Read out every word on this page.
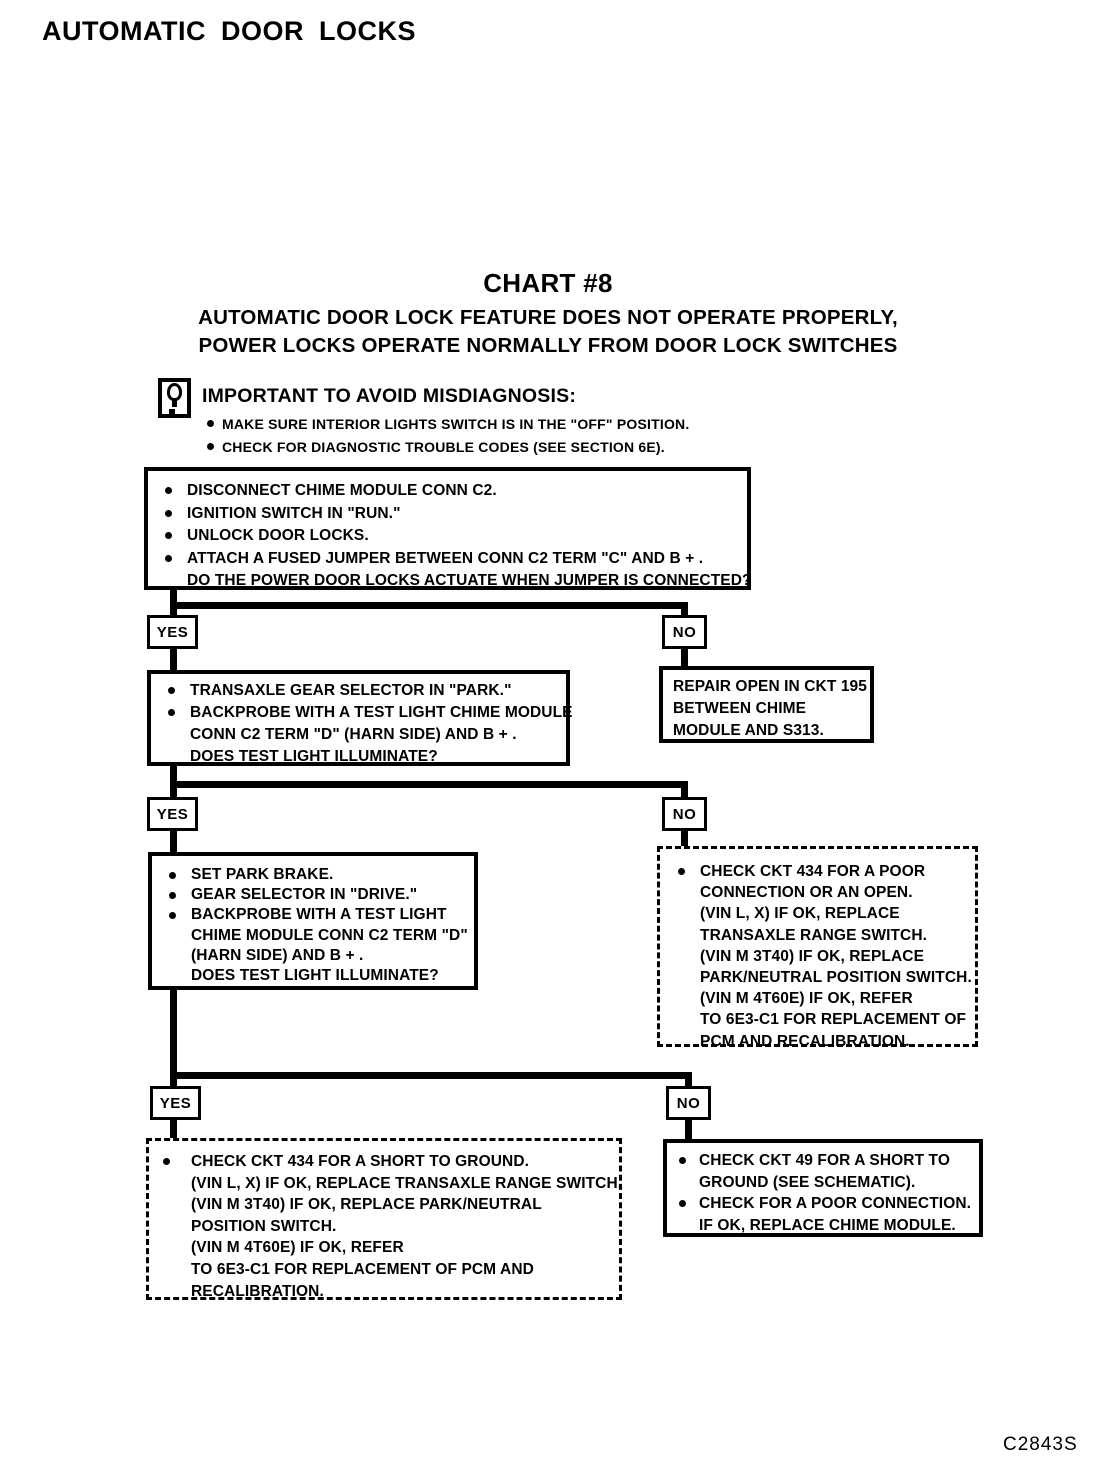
AUTOMATIC DOOR LOCKS
CHART #8
AUTOMATIC DOOR LOCK FEATURE DOES NOT OPERATE PROPERLY,
POWER LOCKS OPERATE NORMALLY FROM DOOR LOCK SWITCHES
IMPORTANT TO AVOID MISDIAGNOSIS:
MAKE SURE INTERIOR LIGHTS SWITCH IS IN THE "OFF" POSITION.
CHECK FOR DIAGNOSTIC TROUBLE CODES (SEE SECTION 6E).
DISCONNECT CHIME MODULE CONN C2.
IGNITION SWITCH IN "RUN."
UNLOCK DOOR LOCKS.
ATTACH A FUSED JUMPER BETWEEN CONN C2 TERM "C" AND B + .
DO THE POWER DOOR LOCKS ACTUATE WHEN JUMPER IS CONNECTED?
YES	NO
TRANSAXLE GEAR SELECTOR IN "PARK."
BACKPROBE WITH A TEST LIGHT CHIME MODULE
CONN C2 TERM "D" (HARN SIDE) AND B + .
DOES TEST LIGHT ILLUMINATE?
REPAIR OPEN IN CKT 195
BETWEEN CHIME
MODULE AND S313.
YES	NO
SET PARK BRAKE.
GEAR SELECTOR IN "DRIVE."
BACKPROBE WITH A TEST LIGHT
CHIME MODULE CONN C2 TERM "D"
(HARN SIDE) AND B + .
DOES TEST LIGHT ILLUMINATE?
CHECK CKT 434 FOR A POOR
CONNECTION OR AN OPEN.
(VIN L, X) IF OK, REPLACE
TRANSAXLE RANGE SWITCH.
(VIN M 3T40) IF OK, REPLACE
PARK/NEUTRAL POSITION SWITCH.
(VIN M 4T60E) IF OK, REFER
TO 6E3-C1 FOR REPLACEMENT OF
PCM AND RECALIBRATION.
YES	NO
CHECK CKT 434 FOR A SHORT TO GROUND.
(VIN L, X) IF OK, REPLACE TRANSAXLE RANGE SWITCH.
(VIN M 3T40) IF OK, REPLACE PARK/NEUTRAL
POSITION SWITCH.
(VIN M 4T60E) IF OK, REFER
TO 6E3-C1 FOR REPLACEMENT OF PCM AND
RECALIBRATION.
CHECK CKT 49 FOR A SHORT TO
GROUND (SEE SCHEMATIC).
CHECK FOR A POOR CONNECTION.
IF OK, REPLACE CHIME MODULE.
C2843S
